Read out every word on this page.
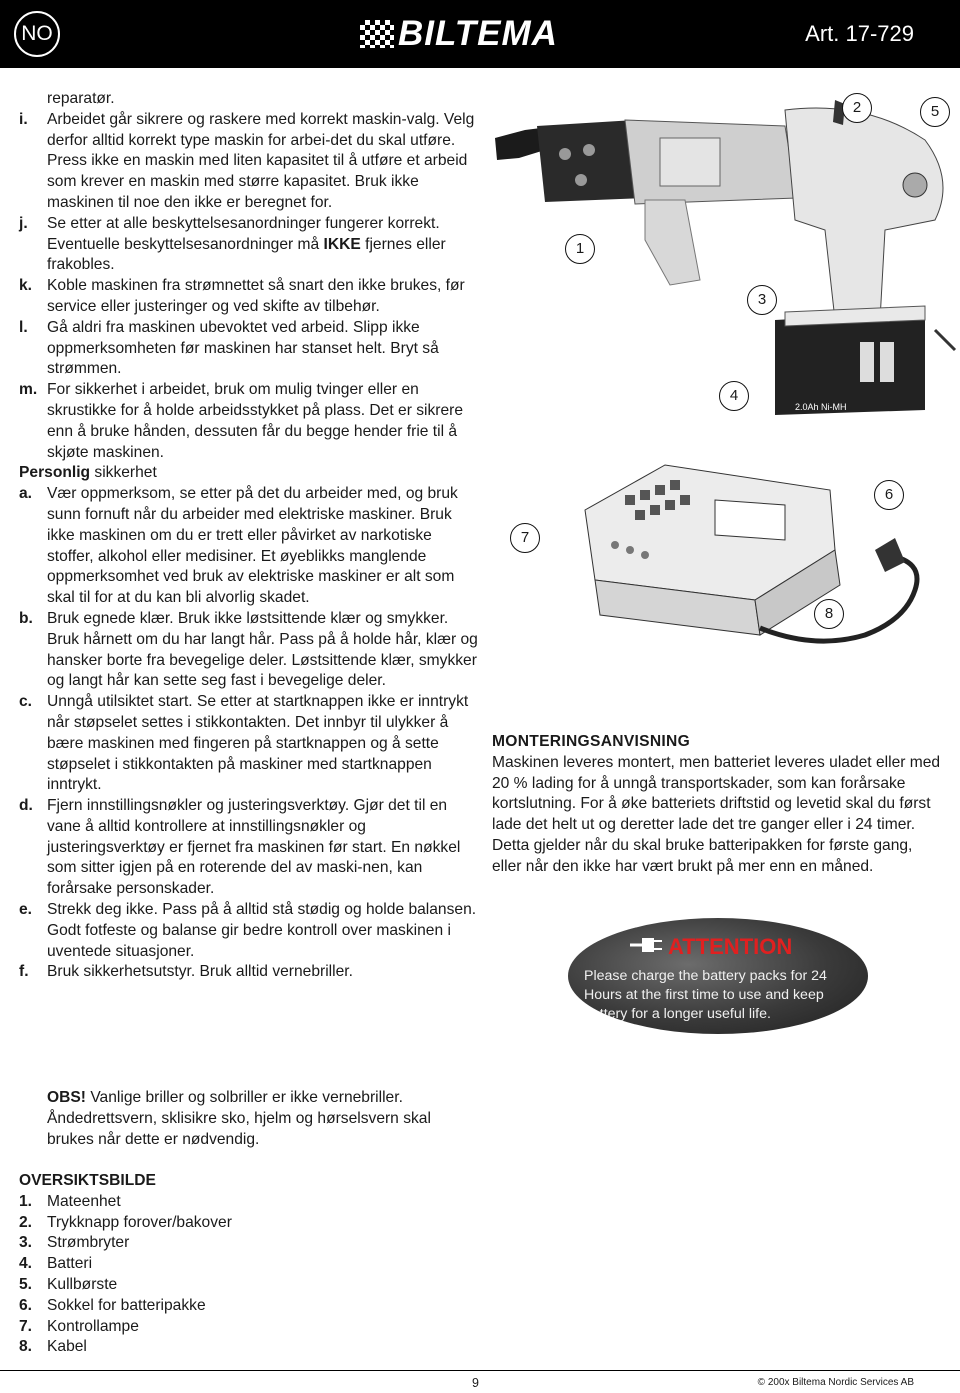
NO	BILTEMA	Art. 17-729
reparatør.
i.	Arbeidet går sikrere og raskere med korrekt maskin-valg. Velg derfor alltid korrekt type maskin for arbei-det du skal utføre. Press ikke en maskin med liten kapasitet til å utføre et arbeid som krever en maskin med større kapasitet. Bruk ikke maskinen til noe den ikke er beregnet for.
j.	Se etter at alle beskyttelsesanordninger fungerer korrekt. Eventuelle beskyttelsesanordninger må IKKE fjernes eller frakobles.
k. Koble maskinen fra strømnettet så snart den ikke brukes, før service eller justeringer og ved skifte av tilbehør.
l.	Gå aldri fra maskinen ubevoktet ved arbeid. Slipp ikke oppmerksomheten før maskinen har stanset helt. Bryt så strømmen.
m. For sikkerhet i arbeidet, bruk om mulig tvinger eller en skrustikke for å holde arbeidsstykket på plass. Det er sikrere enn å bruke hånden, dessuten får du begge hender frie til å skjøte maskinen.
Personlig sikkerhet
a. Vær oppmerksom, se etter på det du arbeider med, og bruk sunn fornuft når du arbeider med elektriske maskiner. Bruk ikke maskinen om du er trett eller påvirket av narkotiske stoffer, alkohol eller medisiner. Et øyeblikks manglende oppmerksomhet ved bruk av elektriske maskiner er alt som skal til for at du kan bli alvorlig skadet.
b. Bruk egnede klær. Bruk ikke løstsittende klær og smykker. Bruk hårnett om du har langt hår. Pass på å holde hår, klær og hansker borte fra bevegelige deler. Løstsittende klær, smykker og langt hår kan sette seg fast i bevegelige deler.
c. Unngå utilsiktet start. Se etter at startknappen ikke er inntrykt når støpselet settes i stikkontakten. Det innbyr til ulykker å bære maskinen med fingeren på startknappen og å sette støpselet i stikkontakten på maskiner med startknappen inntrykt.
d. Fjern innstillingsnøkler og justeringsverktøy. Gjør det til en vane å alltid kontrollere at innstillingsnøkler og justeringsverktøy er fjernet fra maskinen før start. En nøkkel som sitter igjen på en roterende del av maski-nen, kan forårsake personskader.
e. Strekk deg ikke. Pass på å alltid stå stødig og holde balansen. Godt fotfeste og balanse gir bedre kontroll over maskinen i uventede situasjoner.
f.	Bruk sikkerhetsutstyr. Bruk alltid vernebriller.
OBS! Vanlige briller og solbriller er ikke vernebriller. Åndedrettsvern, sklisikre sko, hjelm og hørselsvern skal brukes når dette er nødvendig.
OVERSIKTSBILDE
1. Mateenhet
2. Trykknapp forover/bakover
3. Strømbryter
4. Batteri
5. Kullbørste
6. Sokkel for batteripakke
7. Kontrollampe
8. Kabel
2.0Ah Ni-MH
1
2
3
4
5
6
7
8
MONTERINGSANVISNING
Maskinen leveres montert, men batteriet leveres uladet eller med 20 % lading for å unngå transportskader, som kan forårsake kortslutning. For å øke batteriets driftstid og levetid skal du først lade det helt ut og deretter lade det tre ganger eller i 24 timer. Detta gjelder når du skal bruke batteripakken for første gang, eller når den ikke har vært brukt på mer enn en måned.
ATTENTION
Please charge the battery packs for 24 Hours at the first time to use and keep battery for a longer useful life.
9	© 200x Biltema Nordic Services AB
